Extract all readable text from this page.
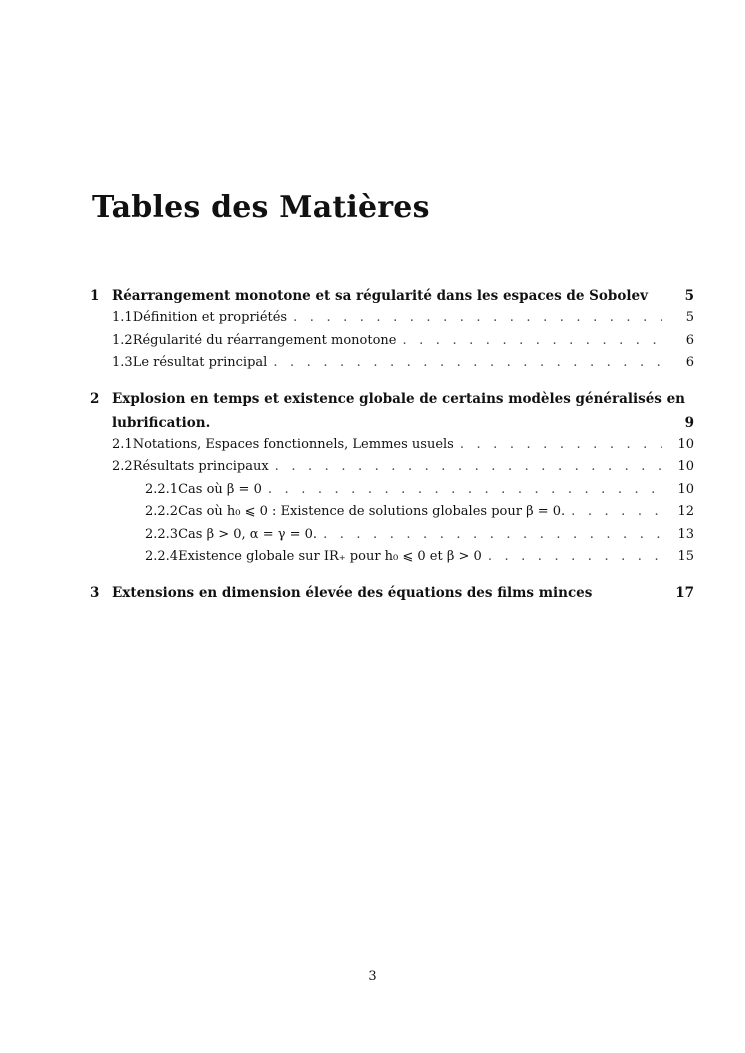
Tables des Matières
1 Réarrangement monotone et sa régularité dans les espaces de Sobolev	5
1.1 Définition et propriétés . . .	5
1.2 Régularité du réarrangement monotone . . .	6
1.3 Le résultat principal . . .	6
2 Explosion en temps et existence globale de certains modèles généralisés en
lubrification.	9
2.1 Notations, Espaces fonctionnels, Lemmes usuels . . .	10
2.2 Résultats principaux . . .	10
2.2.1 Cas où β = 0 . . .	10
2.2.2 Cas où h₀ ⩽ 0 : Existence de solutions globales pour β = 0. . . .	12
2.2.3 Cas β > 0, α = γ = 0. . . .	13
2.2.4 Existence globale sur IR₊ pour h₀ ⩽ 0 et β > 0 . . .	15
3 Extensions en dimension élevée des équations des films minces	17
3
